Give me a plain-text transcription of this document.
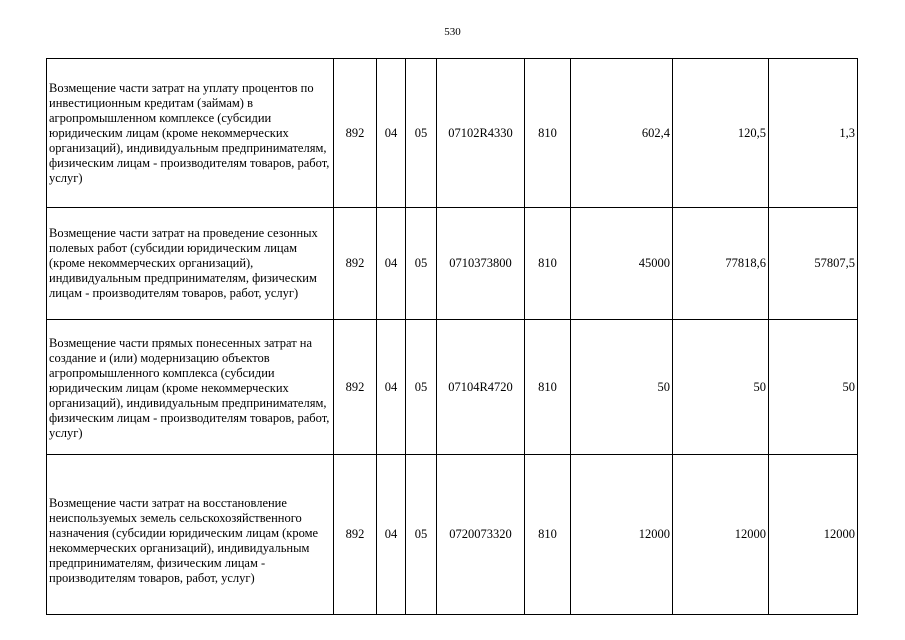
530
Возмещение части затрат на уплату процентов по инвестиционным кредитам (займам) в агропромышленном комплексе (субсидии юридическим лицам (кроме некоммерческих организаций), индивидуальным предпринимателям, физическим лицам - производителям товаров, работ, услуг)	892	04	05	07102R4330	810	602,4	120,5	1,3
Возмещение части затрат на проведение сезонных полевых работ (субсидии юридическим лицам (кроме некоммерческих организаций), индивидуальным предпринимателям, физическим лицам - производителям товаров, работ, услуг)	892	04	05	0710373800	810	45000	77818,6	57807,5
Возмещение части прямых понесенных затрат на создание и (или) модернизацию объектов агропромышленного комплекса (субсидии юридическим лицам (кроме некоммерческих организаций), индивидуальным предпринимателям, физическим лицам - производителям товаров, работ, услуг)	892	04	05	07104R4720	810	50	50	50
Возмещение части затрат на восстановление неиспользуемых земель сельскохозяйственного назначения (субсидии юридическим лицам (кроме некоммерческих организаций), индивидуальным предпринимателям, физическим лицам - производителям товаров, работ, услуг)	892	04	05	0720073320	810	12000	12000	12000
